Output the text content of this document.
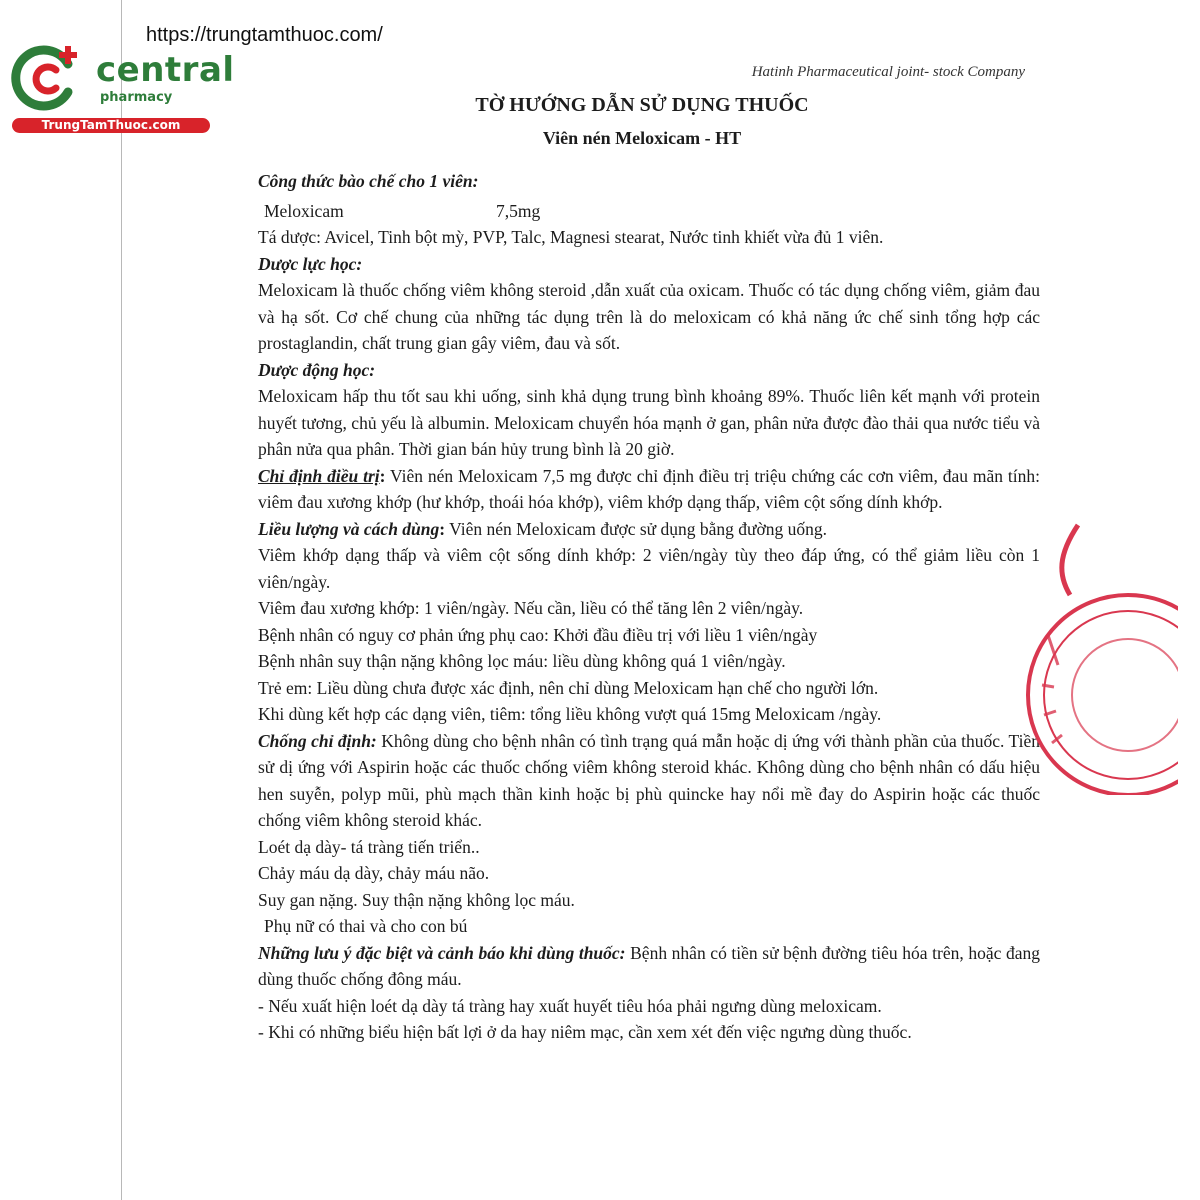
https://trungtamthuoc.com/
central
pharmacy
TrungTamThuoc.com
Hatinh Pharmaceutical joint- stock Company
TỜ HƯỚNG DẪN SỬ DỤNG THUỐC
Viên nén Meloxicam - HT

Công thức bào chế cho 1 viên:

Meloxicam	7,5mg

Tá dược: Avicel, Tinh bột mỳ, PVP, Talc, Magnesi stearat, Nước tinh khiết vừa đủ 1 viên.

Dược lực học:

Meloxicam là thuốc chống viêm không steroid ,dẫn xuất của oxicam. Thuốc có tác dụng chống viêm, giảm đau và hạ sốt. Cơ chế chung của những tác dụng trên là do meloxicam có khả năng ức chế sinh tổng hợp các prostaglandin, chất trung gian gây viêm, đau và sốt.

Dược động học:

Meloxicam hấp thu tốt sau khi uống, sinh khả dụng trung bình khoảng 89%. Thuốc liên kết mạnh với protein huyết tương, chủ yếu là albumin. Meloxicam chuyển hóa mạnh ở gan, phân nửa được đào thải qua nước tiểu và phân nửa qua phân. Thời gian bán hủy trung bình là 20 giờ.

Chỉ định điều trị: Viên nén Meloxicam 7,5 mg được chỉ định điều trị triệu chứng các cơn viêm, đau mãn tính: viêm đau xương khớp (hư khớp, thoái hóa khớp), viêm khớp dạng thấp, viêm cột sống dính khớp.

Liều lượng và cách dùng: Viên nén Meloxicam được sử dụng bằng đường uống.

Viêm khớp dạng thấp và viêm cột sống dính khớp: 2 viên/ngày tùy theo đáp ứng, có thể giảm liều còn 1 viên/ngày.

Viêm đau xương khớp: 1 viên/ngày. Nếu cần, liều có thể tăng lên 2 viên/ngày.

Bệnh nhân có nguy cơ phản ứng phụ cao: Khởi đầu điều trị với liều 1 viên/ngày

Bệnh nhân suy thận nặng không lọc máu: liều dùng không quá 1 viên/ngày.

Trẻ em: Liều dùng chưa được xác định, nên chỉ dùng Meloxicam hạn chế cho người lớn.

Khi dùng kết hợp các dạng viên, tiêm: tổng liều không vượt quá 15mg Meloxicam /ngày.

Chống chỉ định: Không dùng cho bệnh nhân có tình trạng quá mẫn hoặc dị ứng với thành phần của thuốc. Tiền sử dị ứng với Aspirin hoặc các thuốc chống viêm không steroid khác. Không dùng cho bệnh nhân có dấu hiệu hen suyễn, polyp mũi, phù mạch thần kinh hoặc bị phù quincke hay nổi mề đay do Aspirin hoặc các thuốc chống viêm không steroid khác.

Loét dạ dày- tá tràng tiến triển..

Chảy máu dạ dày, chảy máu não.

Suy gan nặng. Suy thận nặng không lọc máu.

Phụ nữ có thai và cho con bú

Những lưu ý đặc biệt và cảnh báo khi dùng thuốc: Bệnh nhân có tiền sử bệnh đường tiêu hóa trên, hoặc đang dùng thuốc chống đông máu.

- Nếu xuất hiện loét dạ dày tá tràng hay xuất huyết tiêu hóa phải ngưng dùng meloxicam.

- Khi có những biểu hiện bất lợi ở da hay niêm mạc, cần xem xét đến việc ngưng dùng thuốc.
